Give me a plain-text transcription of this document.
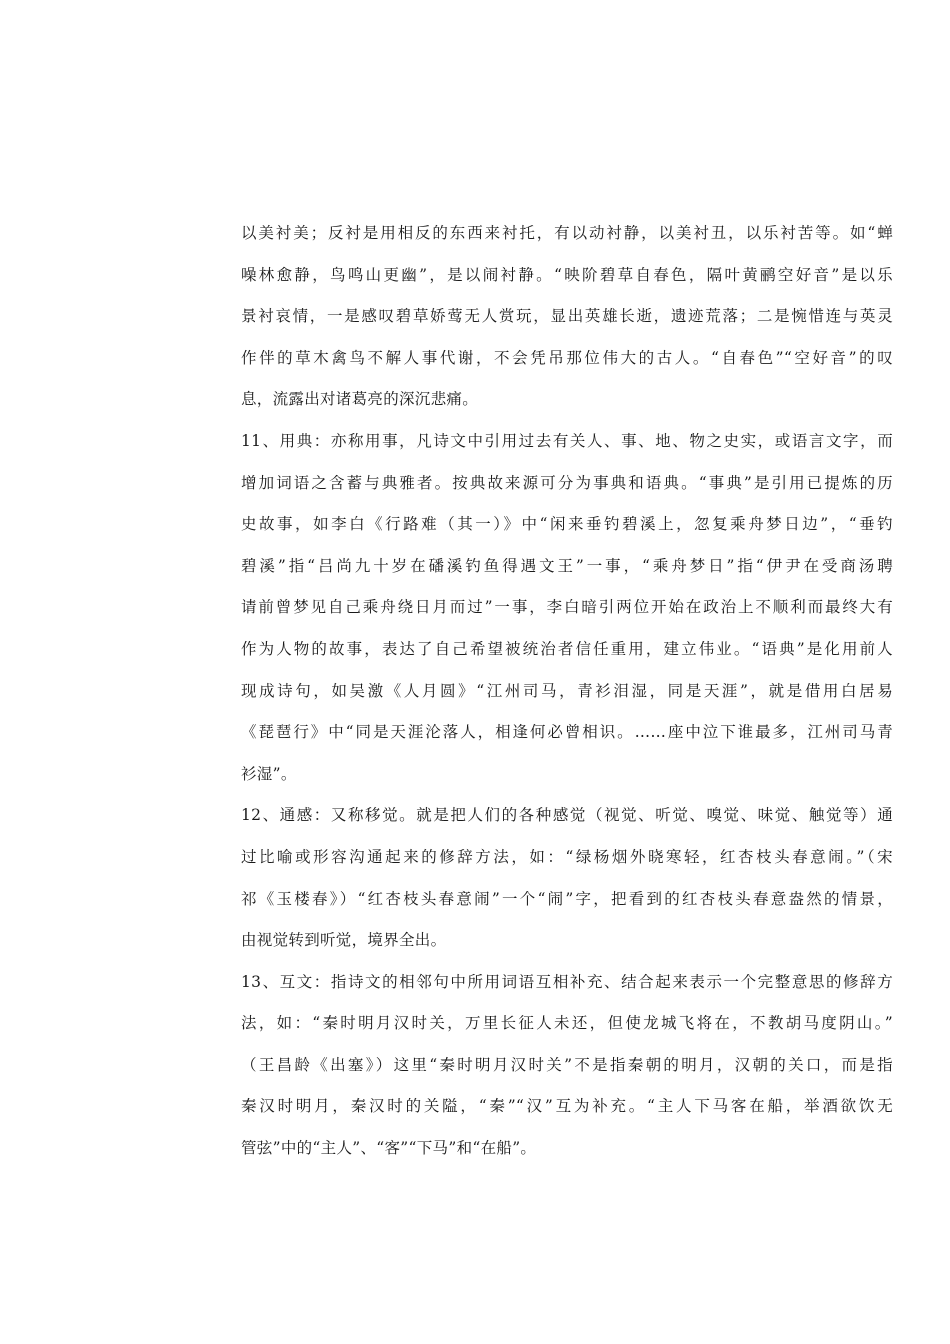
以美衬美；反衬是用相反的东西来衬托，有以动衬静，以美衬丑，以乐衬苦等。如“蝉
噪林愈静，鸟鸣山更幽”，是以闹衬静。“映阶碧草自春色，隔叶黄鹂空好音”是以乐
景衬哀情，一是感叹碧草娇莺无人赏玩，显出英雄长逝，遗迹荒落；二是惋惜连与英灵
作伴的草木禽鸟不解人事代谢，不会凭吊那位伟大的古人。“自春色”“空好音”的叹
息，流露出对诸葛亮的深沉悲痛。
11、用典：亦称用事，凡诗文中引用过去有关人、事、地、物之史实，或语言文字，而
增加词语之含蓄与典雅者。按典故来源可分为事典和语典。“事典”是引用已提炼的历
史故事，如李白《行路难（其一）》中“闲来垂钓碧溪上，忽复乘舟梦日边”，“垂钓
碧溪”指“吕尚九十岁在磻溪钓鱼得遇文王”一事，“乘舟梦日”指“伊尹在受商汤聘
请前曾梦见自己乘舟绕日月而过”一事，李白暗引两位开始在政治上不顺利而最终大有
作为人物的故事，表达了自己希望被统治者信任重用，建立伟业。“语典”是化用前人
现成诗句，如吴激《人月圆》“江州司马，青衫泪湿，同是天涯”，就是借用白居易
《琵琶行》中“同是天涯沦落人，相逢何必曾相识。……座中泣下谁最多，江州司马青
衫湿”。
12、通感：又称移觉。就是把人们的各种感觉（视觉、听觉、嗅觉、味觉、触觉等）通
过比喻或形容沟通起来的修辞方法，如：“绿杨烟外晓寒轻，红杏枝头春意闹。”（宋
祁《玉楼春》）“红杏枝头春意闹”一个“闹”字，把看到的红杏枝头春意盎然的情景，
由视觉转到听觉，境界全出。
13、互文：指诗文的相邻句中所用词语互相补充、结合起来表示一个完整意思的修辞方
法，如：“秦时明月汉时关，万里长征人未还，但使龙城飞将在，不教胡马度阴山。”
（王昌龄《出塞》）这里“秦时明月汉时关”不是指秦朝的明月，汉朝的关口，而是指
秦汉时明月，秦汉时的关隘，“秦”“汉”互为补充。“主人下马客在船，举酒欲饮无
管弦”中的“主人”、“客”“下马”和“在船”。
